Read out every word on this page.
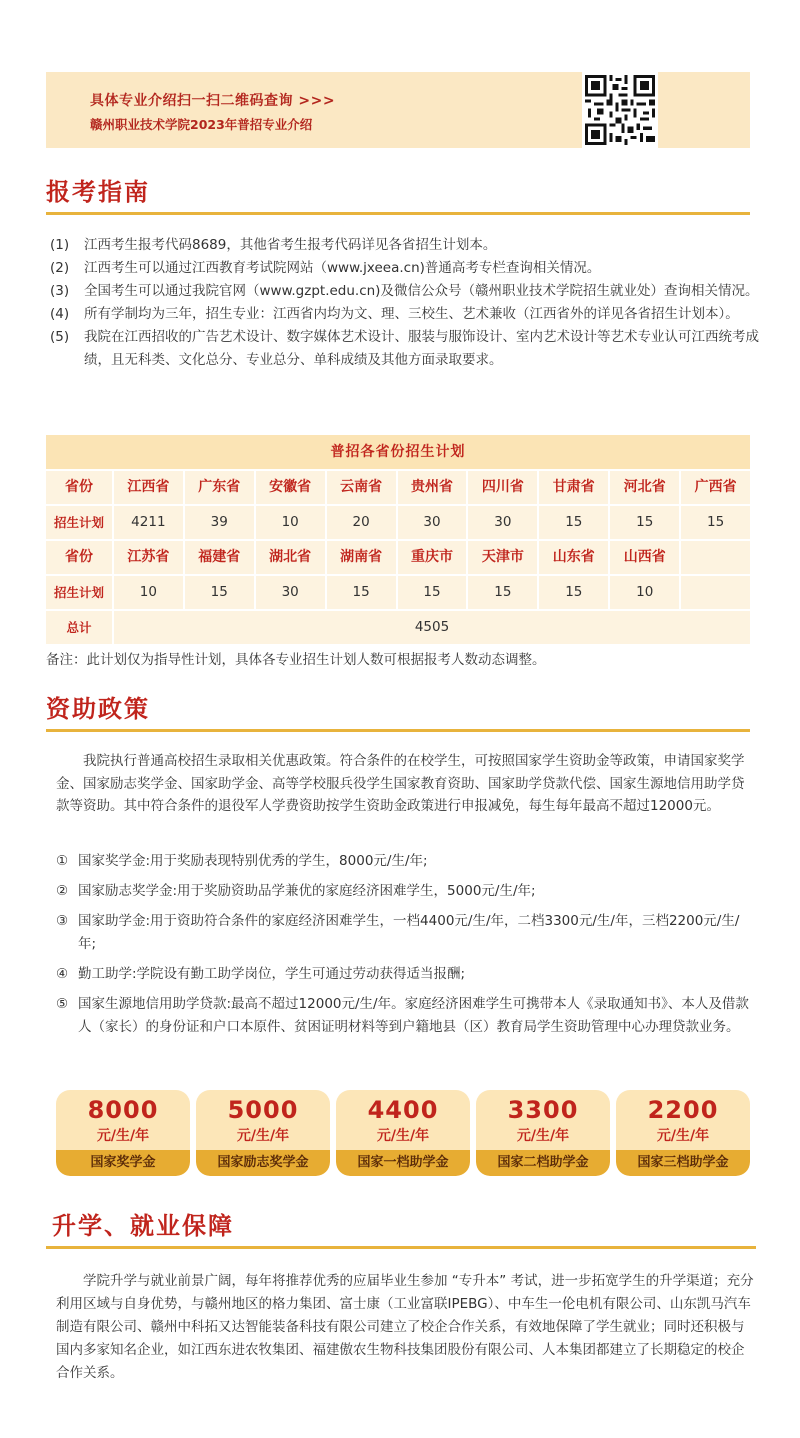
具体专业介绍扫一扫二维码查询 >>>
赣州职业技术学院2023年普招专业介绍
报考指南
(1)	江西考生报考代码8689，其他省考生报考代码详见各省招生计划本。
(2)	江西考生可以通过江西教育考试院网站（www.jxeea.cn)普通高考专栏查询相关情况。
(3)	全国考生可以通过我院官网（www.gzpt.edu.cn)及微信公众号（赣州职业技术学院招生就业处）查询相关情况。
(4)	所有学制均为三年，招生专业：江西省内均为文、理、三校生、艺术兼收（江西省外的详见各省招生计划本）。
(5)	我院在江西招收的广告艺术设计、数字媒体艺术设计、服装与服饰设计、室内艺术设计等艺术专业认可江西统考成绩，且无科类、文化总分、专业总分、单科成绩及其他方面录取要求。
普招各省份招生计划
省份	江西省	广东省	安徽省	云南省	贵州省	四川省	甘肃省	河北省	广西省
招生计划	4211	39	10	20	30	30	15	15	15
省份	江苏省	福建省	湖北省	湖南省	重庆市	天津市	山东省	山西省
招生计划	10	15	30	15	15	15	15	10
总计	4505
备注：此计划仅为指导性计划，具体各专业招生计划人数可根据报考人数动态调整。
资助政策
我院执行普通高校招生录取相关优惠政策。符合条件的在校学生，可按照国家学生资助金等政策，申请国家奖学金、国家励志奖学金、国家助学金、高等学校服兵役学生国家教育资助、国家助学贷款代偿、国家生源地信用助学贷款等资助。其中符合条件的退役军人学费资助按学生资助金政策进行申报减免，每生每年最高不超过12000元。
① 国家奖学金:用于奖励表现特别优秀的学生，8000元/生/年;
② 国家励志奖学金:用于奖励资助品学兼优的家庭经济困难学生，5000元/生/年;
③ 国家助学金:用于资助符合条件的家庭经济困难学生，一档4400元/生/年，二档3300元/生/年，三档2200元/生/年;
④ 勤工助学:学院设有勤工助学岗位，学生可通过劳动获得适当报酬;
⑤ 国家生源地信用助学贷款:最高不超过12000元/生/年。家庭经济困难学生可携带本人《录取通知书》、本人及借款人（家长）的身份证和户口本原件、贫困证明材料等到户籍地县（区）教育局学生资助管理中心办理贷款业务。
8000
元/生/年
国家奖学金
5000
元/生/年
国家励志奖学金
4400
元/生/年
国家一档助学金
3300
元/生/年
国家二档助学金
2200
元/生/年
国家三档助学金
升学、就业保障
学院升学与就业前景广阔，每年将推荐优秀的应届毕业生参加 “专升本” 考试，进一步拓宽学生的升学渠道；充分利用区域与自身优势，与赣州地区的格力集团、富士康（工业富联IPEBG）、中车生一伦电机有限公司、山东凯马汽车制造有限公司、赣州中科拓又达智能装备科技有限公司建立了校企合作关系，有效地保障了学生就业；同时还积极与国内多家知名企业，如江西东进农牧集团、福建傲农生物科技集团股份有限公司、人本集团都建立了长期稳定的校企合作关系。
